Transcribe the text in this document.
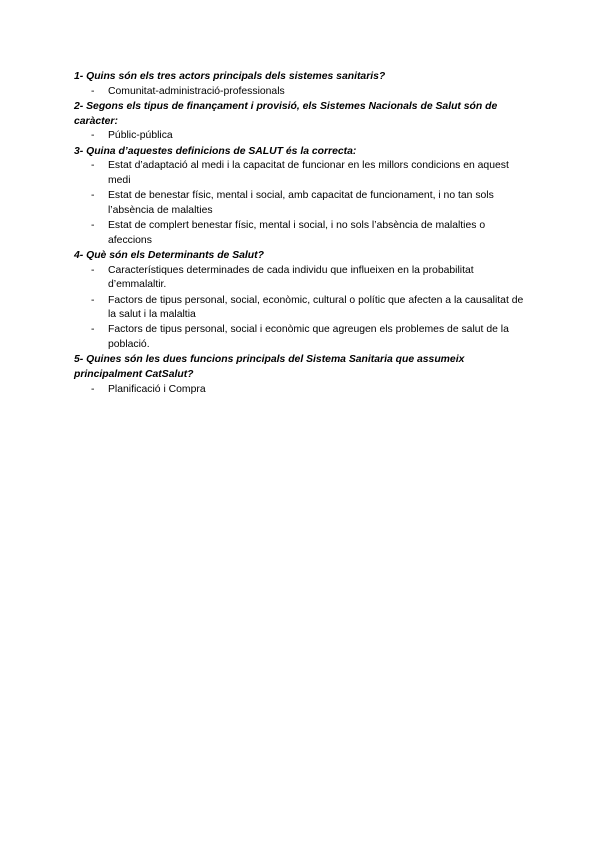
1- Quins són els tres actors principals dels sistemes sanitaris?

- Comunitat-administració-professionals

2- Segons els tipus de finançament i provisió, els Sistemes Nacionals de Salut són de caràcter:

- Públic-pública

3- Quina d’aquestes definicions de SALUT és la correcta:

- Estat d’adaptació al medi i la capacitat de funcionar en les millors condicions en aquest medi
- Estat de benestar físic, mental i social, amb capacitat de funcionament, i no tan sols l’absència de malalties
- Estat de complert benestar físic, mental i social, i no sols l’absència de malalties o afeccions

4- Què són els Determinants de Salut?

- Característiques determinades de cada individu que influeixen en la probabilitat d’emmalaltir.
- Factors de tipus personal, social, econòmic, cultural o polític que afecten a la causalitat de la salut i la malaltia
- Factors de tipus personal, social i econòmic que agreugen els problemes de salut de la població.

5- Quines són les dues funcions principals del Sistema Sanitaria que assumeix principalment CatSalut?

- Planificació i Compra
